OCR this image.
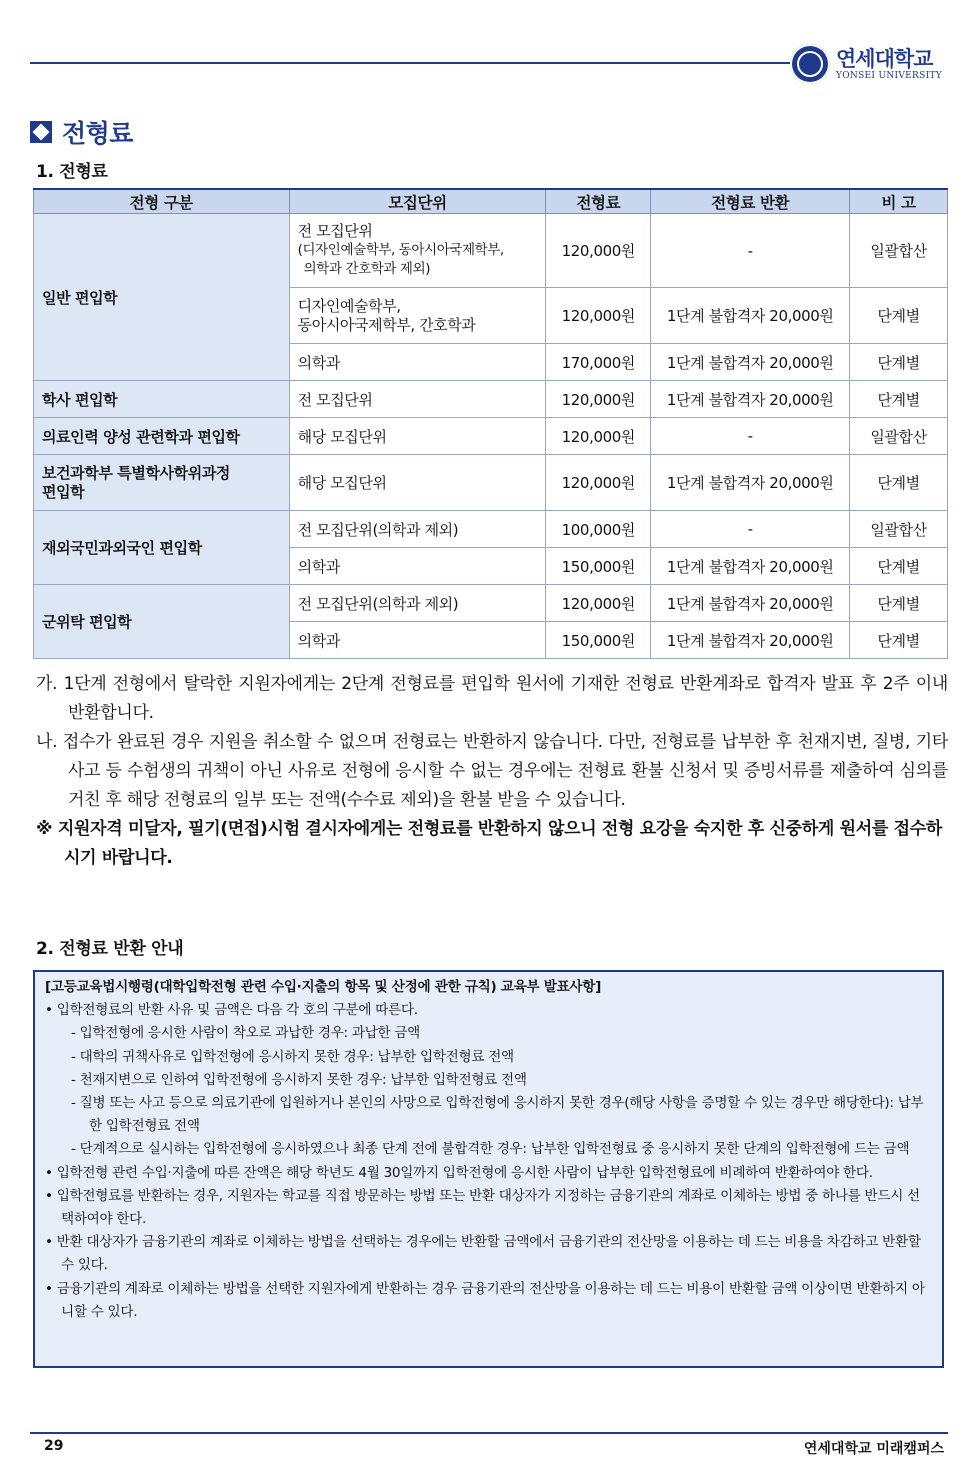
연세대학교
YONSEI UNIVERSITY
전형료
1. 전형료
전형 구분	모집단위	전형료	전형료 반환	비 고
일반 편입학	전 모집단위
(디자인예술학부, 동아시아국제학부,
의학과 간호학과 제외)	120,000원	-	일괄합산

	디자인예술학부,
동아시아국제학부, 간호학과	120,000원	1단계 불합격자 20,000원	단계별
	의학과	170,000원	1단계 불합격자 20,000원	단계별
학사 편입학	전 모집단위	120,000원	1단계 불합격자 20,000원	단계별
의료인력 양성 관련학과 편입학	해당 모집단위	120,000원	-	일괄합산

보건과학부 특별학사학위과정
편입학	해당 모집단위	120,000원	1단계 불합격자 20,000원	단계별
재외국민과외국인 편입학	전 모집단위(의학과 제외)	100,000원	-	일괄합산
	의학과	150,000원	1단계 불합격자 20,000원	단계별
군위탁 편입학	전 모집단위(의학과 제외)	120,000원	1단계 불합격자 20,000원	단계별
	의학과	150,000원	1단계 불합격자 20,000원	단계별
가. 1단계 전형에서 탈락한 지원자에게는 2단계 전형료를 편입학 원서에 기재한 전형료 반환계좌로 합격자 발표 후 2주 이내 반환합니다.
나. 접수가 완료된 경우 지원을 취소할 수 없으며 전형료는 반환하지 않습니다. 다만, 전형료를 납부한 후 천재지변, 질병, 기타 사고 등 수험생의 귀책이 아닌 사유로 전형에 응시할 수 없는 경우에는 전형료 환불 신청서 및 증빙서류를 제출하여 심의를 거친 후 해당 전형료의 일부 또는 전액(수수료 제외)을 환불 받을 수 있습니다.
※ 지원자격 미달자, 필기(면접)시험 결시자에게는 전형료를 반환하지 않으니 전형 요강을 숙지한 후 신중하게 원서를 접수하시기 바랍니다.
2. 전형료 반환 안내
[고등교육법시행령(대학입학전형 관련 수입·지출의 항목 및 산정에 관한 규칙) 교육부 발표사항]
• 입학전형료의 반환 사유 및 금액은 다음 각 호의 구분에 따른다.
- 입학전형에 응시한 사람이 착오로 과납한 경우: 과납한 금액
- 대학의 귀책사유로 입학전형에 응시하지 못한 경우: 납부한 입학전형료 전액
- 천재지변으로 인하여 입학전형에 응시하지 못한 경우: 납부한 입학전형료 전액
- 질병 또는 사고 등으로 의료기관에 입원하거나 본인의 사망으로 입학전형에 응시하지 못한 경우(해당 사항을 증명할 수 있는 경우만 해당한다): 납부한 입학전형료 전액
- 단계적으로 실시하는 입학전형에 응시하였으나 최종 단계 전에 불합격한 경우: 납부한 입학전형료 중 응시하지 못한 단계의 입학전형에 드는 금액
• 입학전형 관련 수입·지출에 따른 잔액은 해당 학년도 4월 30일까지 입학전형에 응시한 사람이 납부한 입학전형료에 비례하여 반환하여야 한다.
• 입학전형료를 반환하는 경우, 지원자는 학교를 직접 방문하는 방법 또는 반환 대상자가 지정하는 금융기관의 계좌로 이체하는 방법 중 하나를 반드시 선택하여야 한다.
• 반환 대상자가 금융기관의 계좌로 이체하는 방법을 선택하는 경우에는 반환할 금액에서 금융기관의 전산망을 이용하는 데 드는 비용을 차감하고 반환할 수 있다.
• 금융기관의 계좌로 이체하는 방법을 선택한 지원자에게 반환하는 경우 금융기관의 전산망을 이용하는 데 드는 비용이 반환할 금액 이상이면 반환하지 아니할 수 있다.
29	연세대학교 미래캠퍼스
